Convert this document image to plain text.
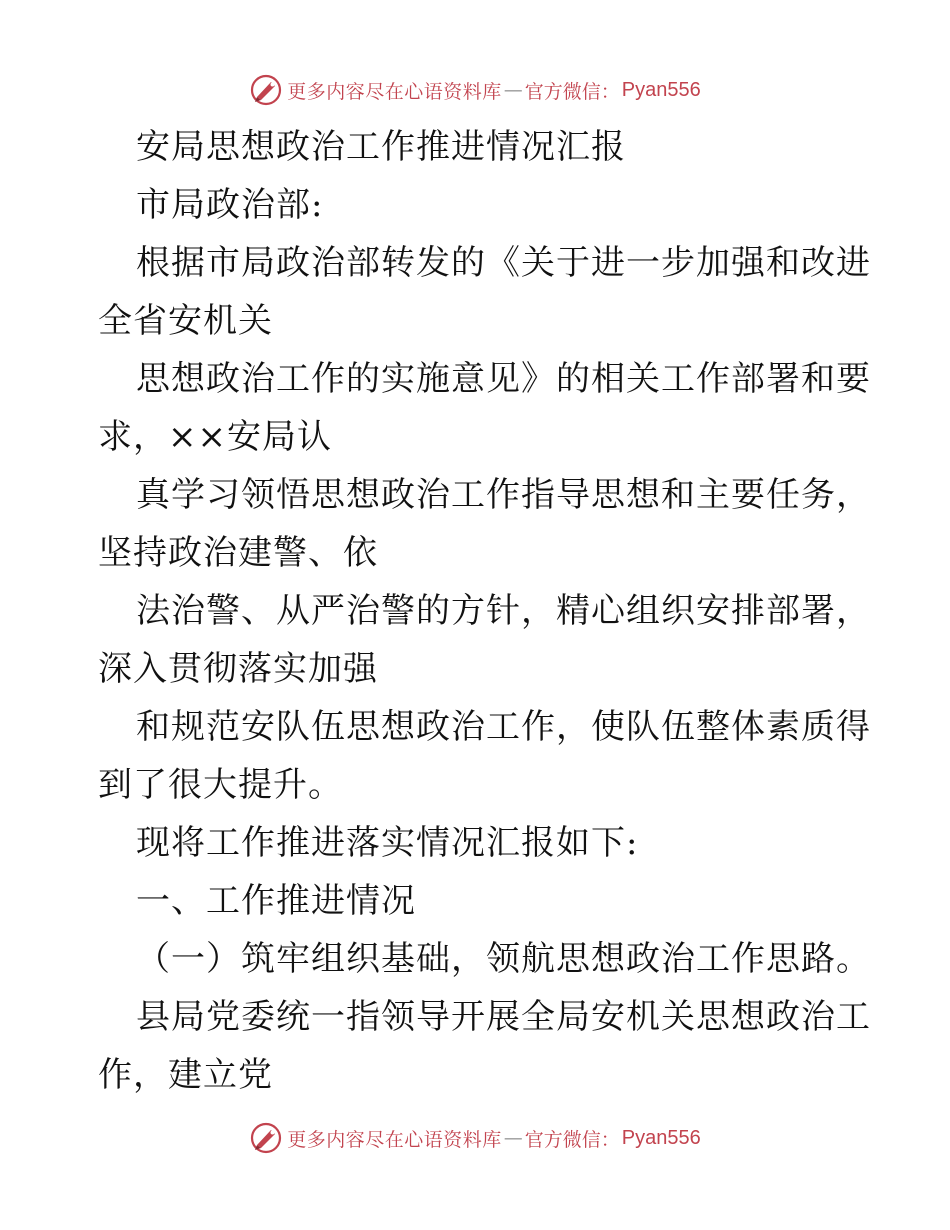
更多内容尽在心语资料库 — 官方微信： Pyan556

安局思想政治工作推进情况汇报

市局政治部:

根据市局政治部转发的《关于进一步加强和改进

全省安机关

思想政治工作的实施意见》的相关工作部署和要

求，××安局认

真学习领悟思想政治工作指导思想和主要任务，

坚持政治建警、依

法治警、从严治警的方针，精心组织安排部署，

深入贯彻落实加强

和规范安队伍思想政治工作，使队伍整体素质得

到了很大提升。

现将工作推进落实情况汇报如下:

一、工作推进情况

（一）筑牢组织基础，领航思想政治工作思路。

县局党委统一指领导开展全局安机关思想政治工

作，建立党

更多内容尽在心语资料库 — 官方微信： Pyan556
